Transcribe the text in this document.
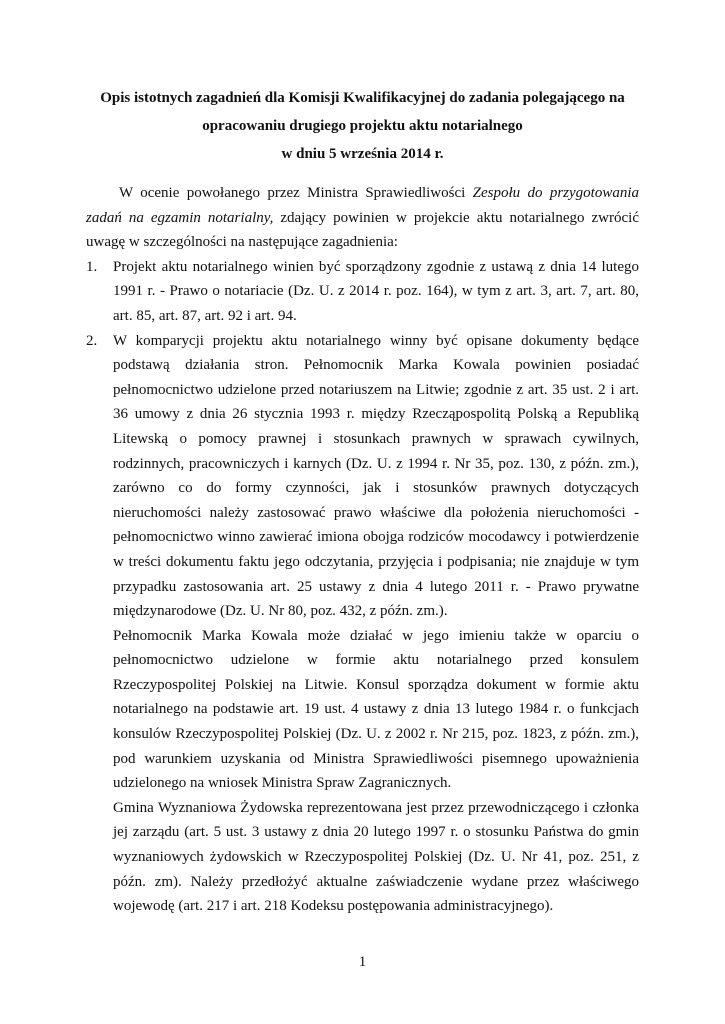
Opis istotnych zagadnień dla Komisji Kwalifikacyjnej do zadania polegającego na
opracowaniu drugiego projektu aktu notarialnego
w dniu 5 września 2014 r.

W ocenie powołanego przez Ministra Sprawiedliwości Zespołu do przygotowania zadań na egzamin notarialny, zdający powinien w projekcie aktu notarialnego zwrócić uwagę w szczególności na następujące zagadnienia:

1. Projekt aktu notarialnego winien być sporządzony zgodnie z ustawą z dnia 14 lutego 1991 r. - Prawo o notariacie (Dz. U. z 2014 r. poz. 164), w tym z art. 3, art. 7, art. 80, art. 85, art. 87, art. 92 i art. 94.

2. W komparycji projektu aktu notarialnego winny być opisane dokumenty będące podstawą działania stron. Pełnomocnik Marka Kowala powinien posiadać pełnomocnictwo udzielone przed notariuszem na Litwie; zgodnie z art. 35 ust. 2 i art. 36 umowy z dnia 26 stycznia 1993 r. między Rzecząpospolitą Polską a Republiką Litewską o pomocy prawnej i stosunkach prawnych w sprawach cywilnych, rodzinnych, pracowniczych i karnych (Dz. U. z 1994 r. Nr 35, poz. 130, z późn. zm.), zarówno co do formy czynności, jak i stosunków prawnych dotyczących nieruchomości należy zastosować prawo właściwe dla położenia nieruchomości - pełnomocnictwo winno zawierać imiona obojga rodziców mocodawcy i potwierdzenie w treści dokumentu faktu jego odczytania, przyjęcia i podpisania; nie znajduje w tym przypadku zastosowania art. 25 ustawy z dnia 4 lutego 2011 r. - Prawo prywatne międzynarodowe (Dz. U. Nr 80, poz. 432, z późn. zm.).

Pełnomocnik Marka Kowala może działać w jego imieniu także w oparciu o pełnomocnictwo udzielone w formie aktu notarialnego przed konsulem Rzeczypospolitej Polskiej na Litwie. Konsul sporządza dokument w formie aktu notarialnego na podstawie art. 19 ust. 4 ustawy z dnia 13 lutego 1984 r. o funkcjach konsulów Rzeczypospolitej Polskiej (Dz. U. z 2002 r. Nr 215, poz. 1823, z późn. zm.), pod warunkiem uzyskania od Ministra Sprawiedliwości pisemnego upoważnienia udzielonego na wniosek Ministra Spraw Zagranicznych.

Gmina Wyznaniowa Żydowska reprezentowana jest przez przewodniczącego i członka jej zarządu (art. 5 ust. 3 ustawy z dnia 20 lutego 1997 r. o stosunku Państwa do gmin wyznaniowych żydowskich w Rzeczypospolitej Polskiej (Dz. U. Nr 41, poz. 251, z późn. zm). Należy przedłożyć aktualne zaświadczenie wydane przez właściwego wojewodę (art. 217 i art. 218 Kodeksu postępowania administracyjnego).

1
